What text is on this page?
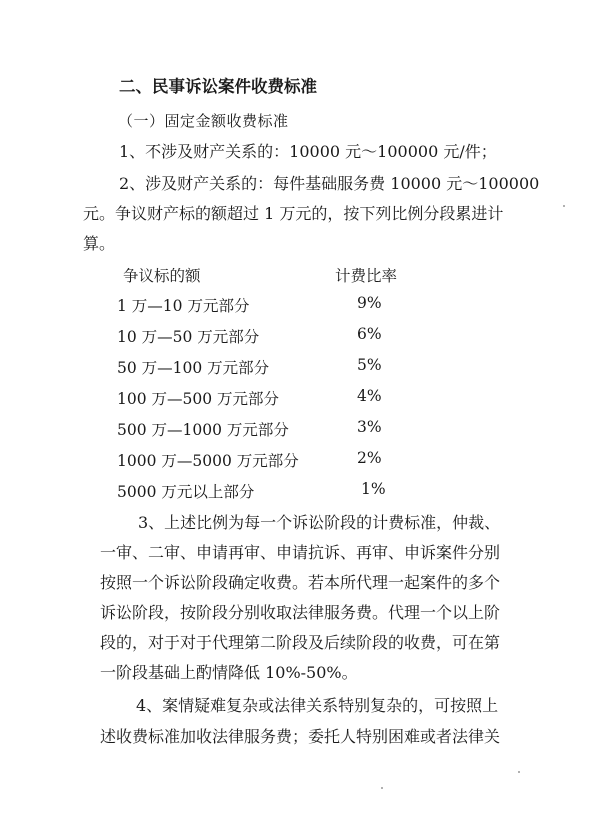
二、民事诉讼案件收费标准
（一）固定金额收费标准
1、不涉及财产关系的：10000 元～100000 元/件；
2、涉及财产关系的：每件基础服务费 10000 元～100000
元。争议财产标的额超过 1 万元的，按下列比例分段累进计
算。
争议标的额	计费比率
1 万—10 万元部分	9%
10 万—50 万元部分	6%
50 万—100 万元部分	5%
100 万—500 万元部分	4%
500 万—1000 万元部分	3%
1000 万—5000 万元部分	2%
5000 万元以上部分	1%
3、上述比例为每一个诉讼阶段的计费标准，仲裁、
一审、二审、申请再审、申请抗诉、再审、申诉案件分别
按照一个诉讼阶段确定收费。若本所代理一起案件的多个
诉讼阶段，按阶段分别收取法律服务费。代理一个以上阶
段的，对于对于代理第二阶段及后续阶段的收费，可在第
一阶段基础上酌情降低 10%-50%。
4、案情疑难复杂或法律关系特别复杂的，可按照上
述收费标准加收法律服务费；委托人特别困难或者法律关
